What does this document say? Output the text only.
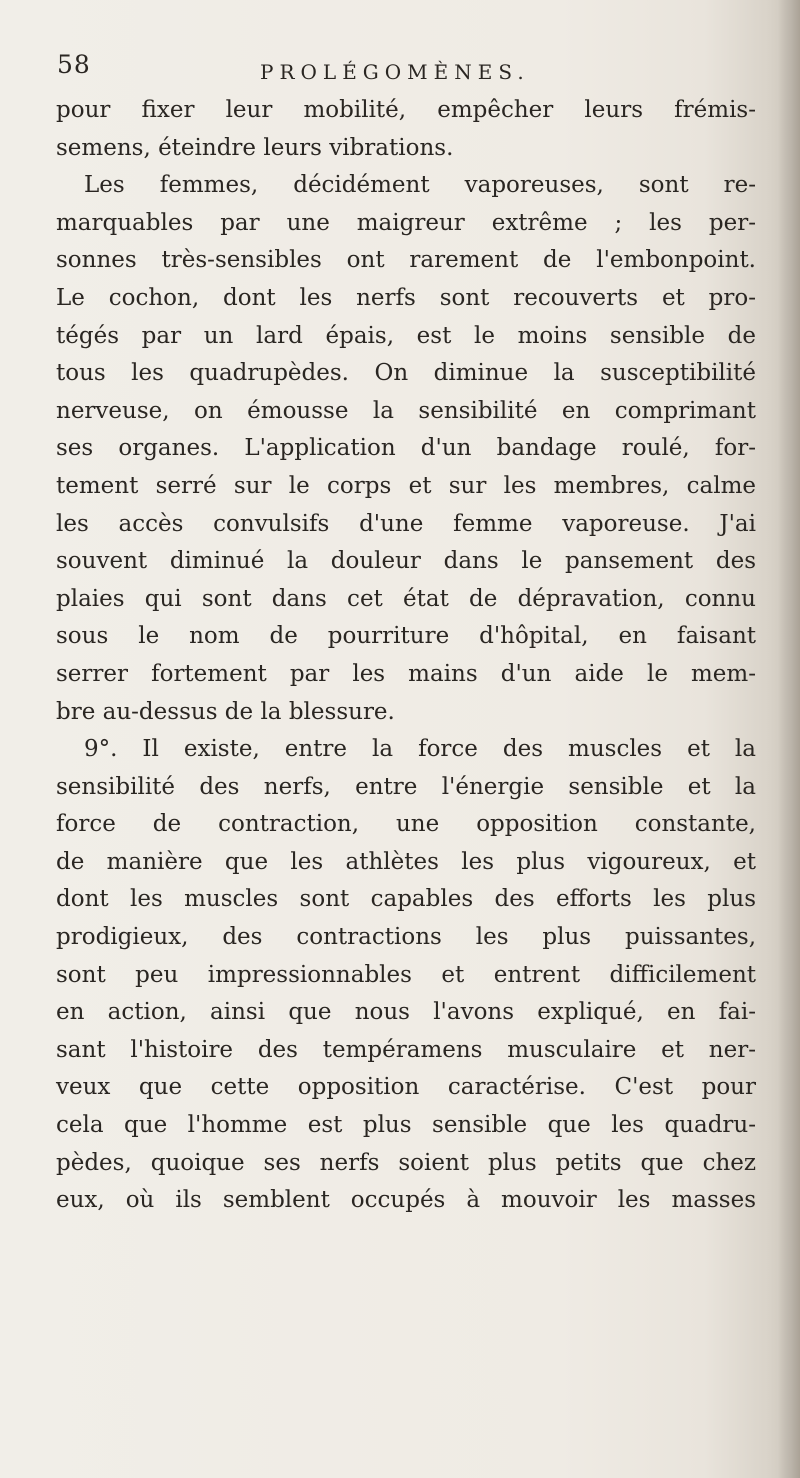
58	PROLÉGOMÈNES.
pour fixer leur mobilité, empêcher leurs frémis-
semens, éteindre leurs vibrations.
Les femmes, décidément vaporeuses, sont re-
marquables par une maigreur extrême ; les per-
sonnes très-sensibles ont rarement de l'embonpoint.
Le cochon, dont les nerfs sont recouverts et pro-
tégés par un lard épais, est le moins sensible de
tous les quadrupèdes. On diminue la susceptibilité
nerveuse, on émousse la sensibilité en comprimant
ses organes. L'application d'un bandage roulé, for-
tement serré sur le corps et sur les membres, calme
les accès convulsifs d'une femme vaporeuse. J'ai
souvent diminué la douleur dans le pansement des
plaies qui sont dans cet état de dépravation, connu
sous le nom de pourriture d'hôpital, en faisant
serrer fortement par les mains d'un aide le mem-
bre au-dessus de la blessure.
9°. Il existe, entre la force des muscles et la
sensibilité des nerfs, entre l'énergie sensible et la
force de contraction, une opposition constante,
de manière que les athlètes les plus vigoureux, et
dont les muscles sont capables des efforts les plus
prodigieux, des contractions les plus puissantes,
sont peu impressionnables et entrent difficilement
en action, ainsi que nous l'avons expliqué, en fai-
sant l'histoire des tempéramens musculaire et ner-
veux que cette opposition caractérise. C'est pour
cela que l'homme est plus sensible que les quadru-
pèdes, quoique ses nerfs soient plus petits que chez
eux, où ils semblent occupés à mouvoir les masses
